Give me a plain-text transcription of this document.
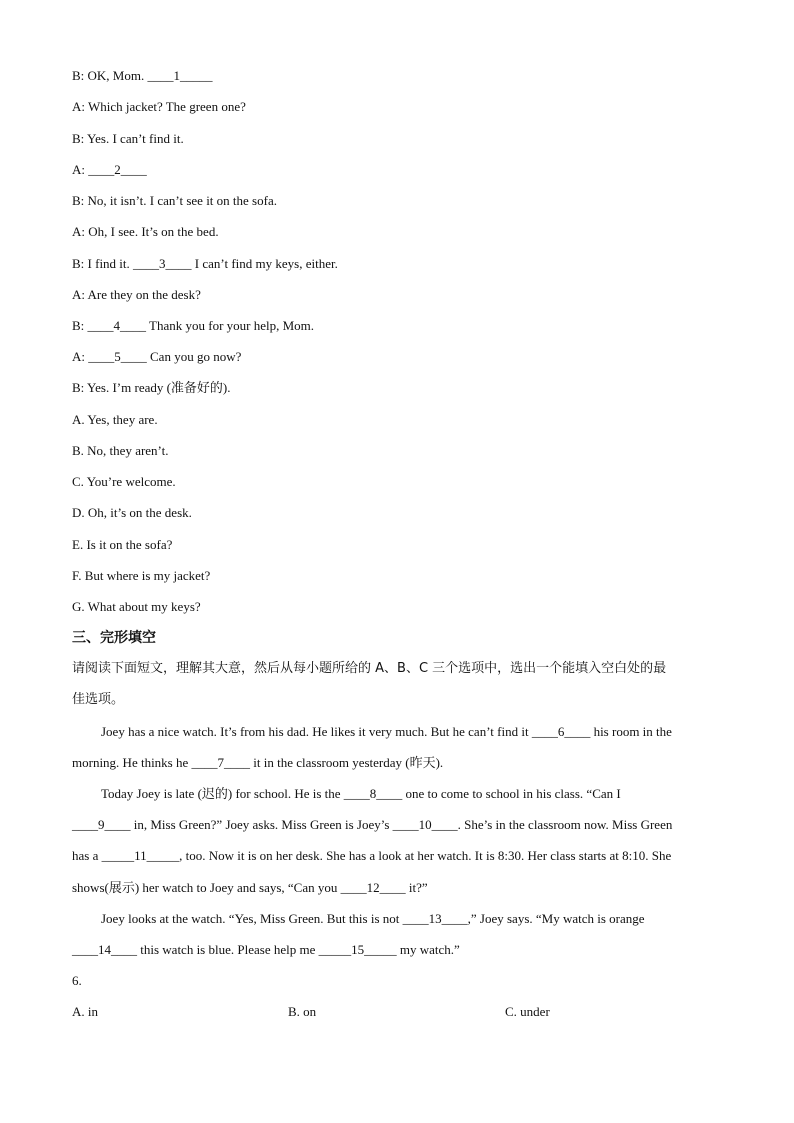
B: OK, Mom. ____1_____
A: Which jacket? The green one?
B: Yes. I can’t find it.
A: ____2____
B: No, it isn’t. I can’t see it on the sofa.
A: Oh, I see. It’s on the bed.
B: I find it. ____3____ I can’t find my keys, either.
A: Are they on the desk?
B: ____4____ Thank you for your help, Mom.
A: ____5____ Can you go now?
B: Yes. I’m ready (准备好的).
A. Yes, they are.
B. No, they aren’t.
C. You’re welcome.
D. Oh, it’s on the desk.
E. Is it on the sofa?
F. But where is my jacket?
G. What about my keys?
三、完形填空
请阅读下面短文，理解其大意，然后从每小题所给的 A、B、C 三个选项中，选出一个能填入空白处的最
佳选项。
Joey has a nice watch. It’s from his dad. He likes it very much. But he can’t find it ____6____ his room in the
morning. He thinks he ____7____ it in the classroom yesterday (昨天).
Today Joey is late (迟的) for school. He is the ____8____ one to come to school in his class. “Can I
____9____ in, Miss Green?” Joey asks. Miss Green is Joey’s ____10____. She’s in the classroom now. Miss Green
has a _____11_____, too. Now it is on her desk. She has a look at her watch. It is 8:30. Her class starts at 8:10. She
shows(展示) her watch to Joey and says, “Can you ____12____ it?”
Joey looks at the watch. “Yes, Miss Green. But this is not ____13____,” Joey says. “My watch is orange
____14____ this watch is blue. Please help me _____15_____ my watch.”
6.
A. in	B. on	C. under
